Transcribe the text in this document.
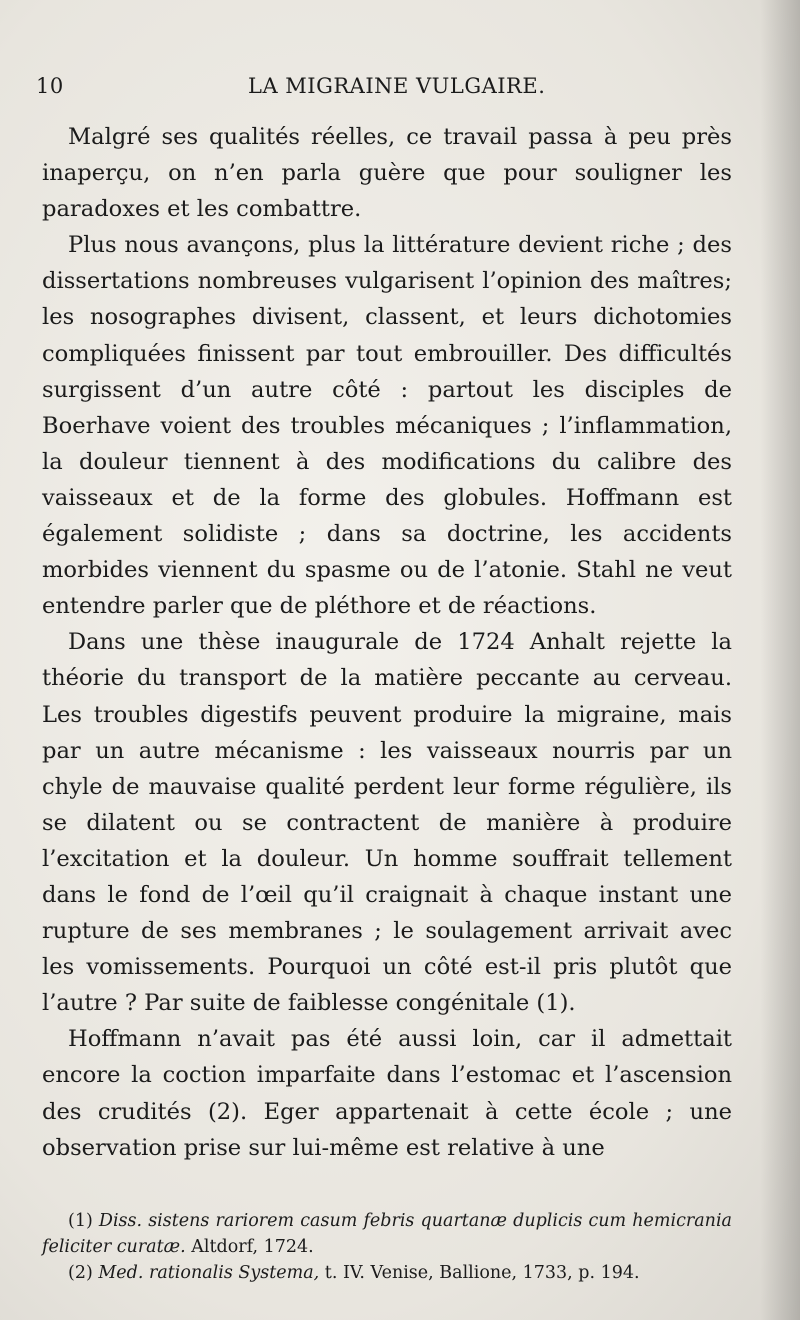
10	LA MIGRAINE VULGAIRE.

Malgré ses qualités réelles, ce travail passa à peu près inaperçu, on n’en parla guère que pour souligner les paradoxes et les combattre.

Plus nous avançons, plus la littérature devient riche ; des dissertations nombreuses vulgarisent l’opinion des maîtres; les nosographes divisent, classent, et leurs dichotomies compliquées finissent par tout embrouiller. Des difficultés surgissent d’un autre côté : partout les disciples de Boerhave voient des troubles mécaniques ; l’inflammation, la douleur tiennent à des modifications du calibre des vaisseaux et de la forme des globules. Hoffmann est également solidiste ; dans sa doctrine, les accidents morbides viennent du spasme ou de l’atonie. Stahl ne veut entendre parler que de pléthore et de réactions.

Dans une thèse inaugurale de 1724 Anhalt rejette la théorie du transport de la matière peccante au cerveau. Les troubles digestifs peuvent produire la migraine, mais par un autre mécanisme : les vaisseaux nourris par un chyle de mauvaise qualité perdent leur forme régulière, ils se dilatent ou se contractent de manière à produire l’excitation et la douleur. Un homme souffrait tellement dans le fond de l’œil qu’il craignait à chaque instant une rupture de ses membranes ; le soulagement arrivait avec les vomissements. Pourquoi un côté est-il pris plutôt que l’autre ? Par suite de faiblesse congénitale (1).

Hoffmann n’avait pas été aussi loin, car il admettait encore la coction imparfaite dans l’estomac et l’ascension des crudités (2). Eger appartenait à cette école ; une observation prise sur lui-même est relative à une

(1) Diss. sistens rariorem casum febris quartanæ duplicis cum hemicrania feliciter curatæ. Altdorf, 1724.

(2) Med. rationalis Systema, t. IV. Venise, Ballione, 1733, p. 194.
